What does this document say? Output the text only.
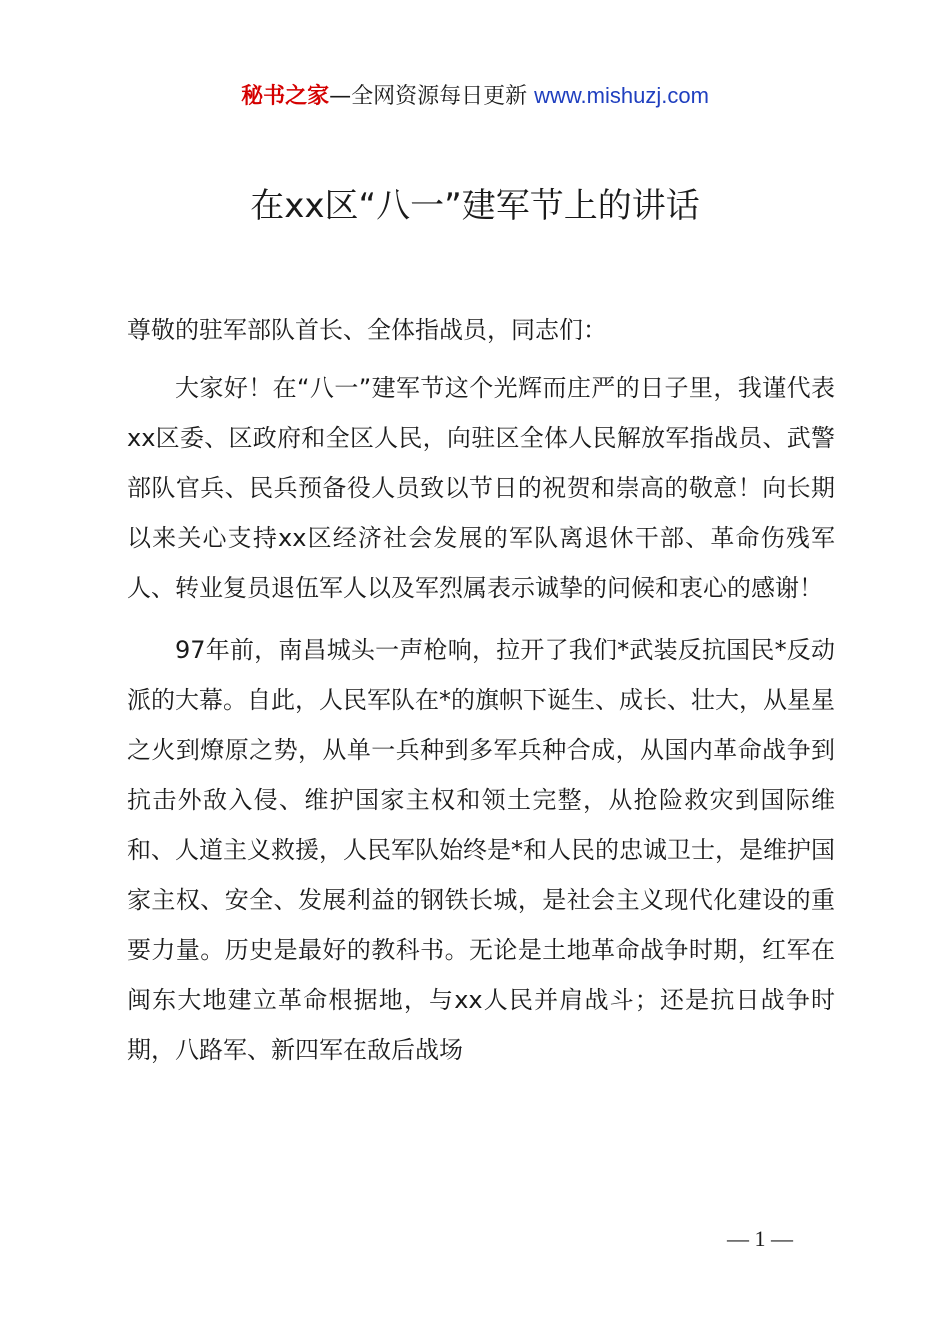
秘书之家—全网资源每日更新 www.mishuzj.com
在xx区“八一”建军节上的讲话

尊敬的驻军部队首长、全体指战员，同志们：

大家好！在“八一”建军节这个光辉而庄严的日子里，我谨代表xx区委、区政府和全区人民，向驻区全体人民解放军指战员、武警部队官兵、民兵预备役人员致以节日的祝贺和崇高的敬意！向长期以来关心支持xx区经济社会发展的军队离退休干部、革命伤残军人、转业复员退伍军人以及军烈属表示诚挚的问候和衷心的感谢！

97年前，南昌城头一声枪响，拉开了我们*武装反抗国民*反动派的大幕。自此，人民军队在*的旗帜下诞生、成长、壮大，从星星之火到燎原之势，从单一兵种到多军兵种合成，从国内革命战争到抗击外敌入侵、维护国家主权和领土完整，从抢险救灾到国际维和、人道主义救援，人民军队始终是*和人民的忠诚卫士，是维护国家主权、安全、发展利益的钢铁长城，是社会主义现代化建设的重要力量。历史是最好的教科书。无论是土地革命战争时期，红军在闽东大地建立革命根据地，与xx人民并肩战斗；还是抗日战争时期，八路军、新四军在敌后战场

— 1 —
